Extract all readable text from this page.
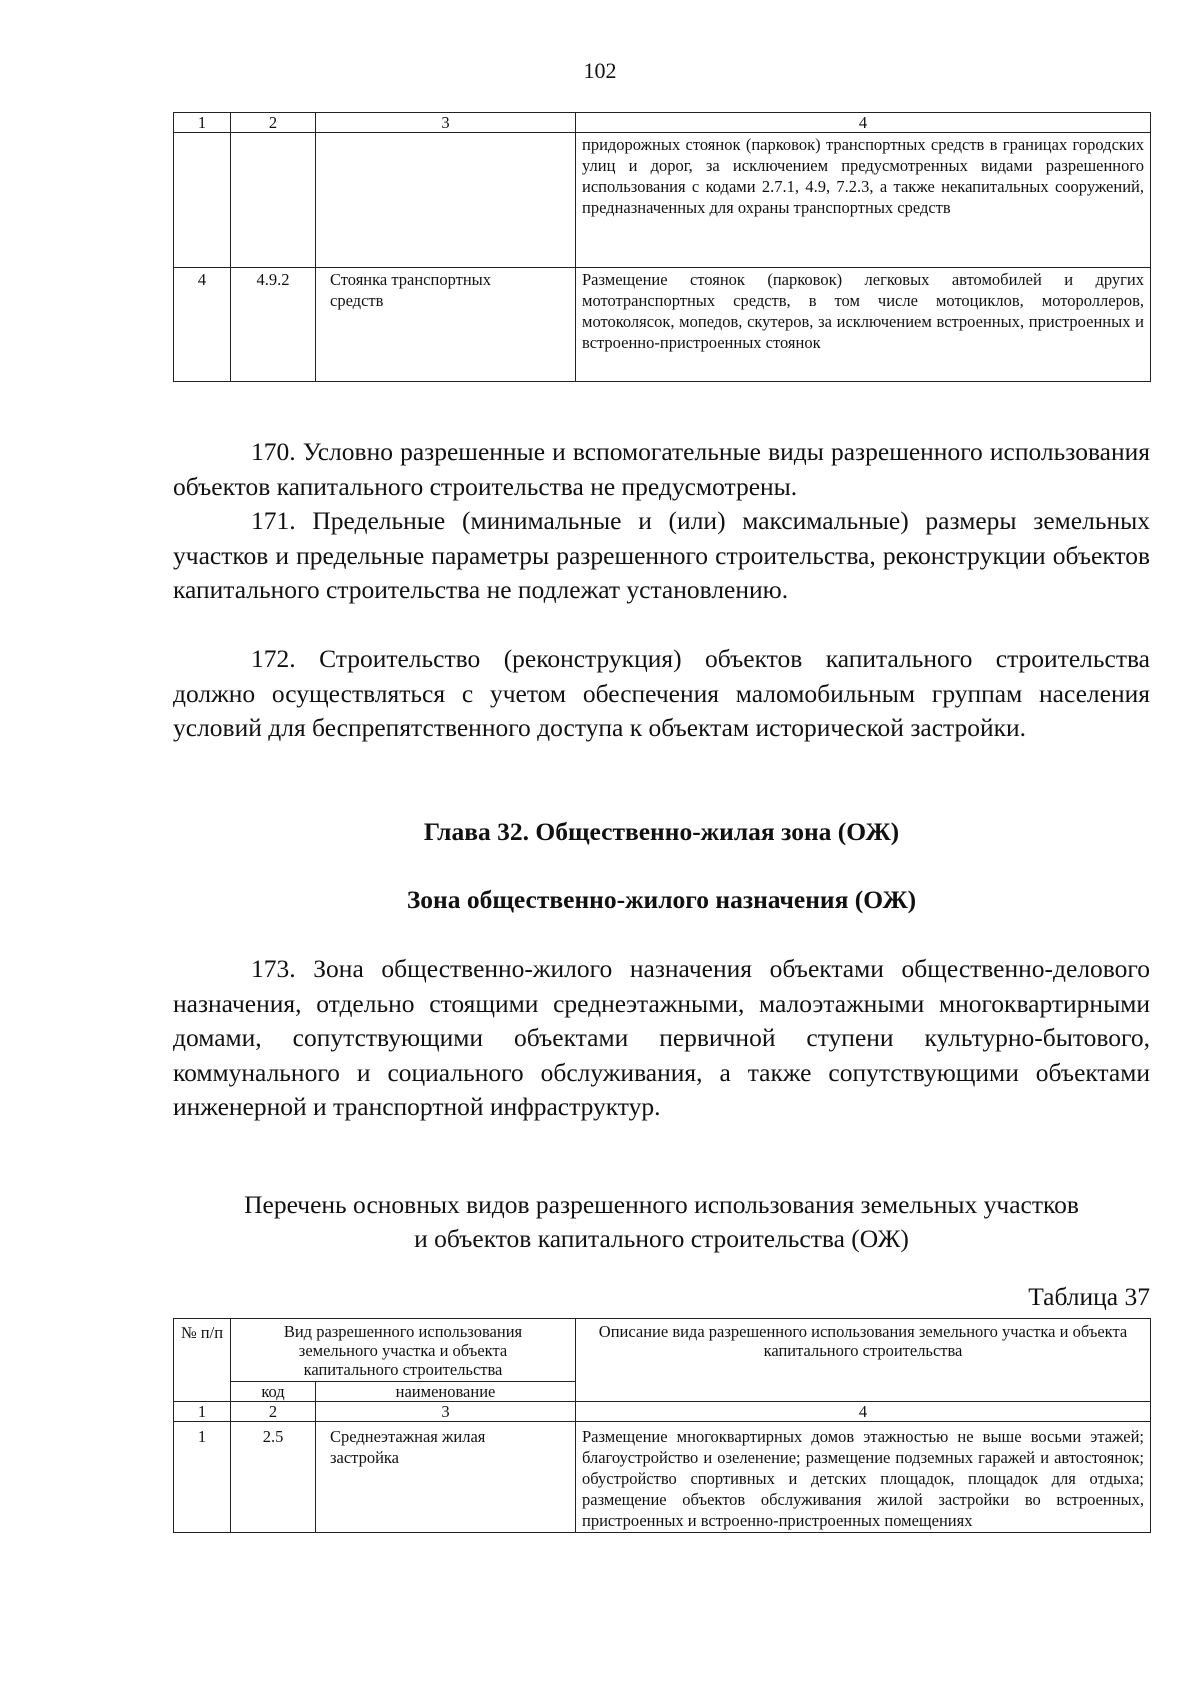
102
1	2	3	4
			придорожных стоянок (парковок) транспортных средств в границах городских улиц и дорог, за исключением предусмотренных видами разрешенного использования с кодами 2.7.1, 4.9, 7.2.3, а также некапитальных сооружений, предназначенных для охраны транспортных средств
4	4.9.2	Стоянка транспортных средств	Размещение стоянок (парковок) легковых автомобилей и других мототранспортных средств, в том числе мотоциклов, мотороллеров, мотоколясок, мопедов, скутеров, за исключением встроенных, пристроенных и встроенно-пристроенных стоянок

170. Условно разрешенные и вспомогательные виды разрешенного использования объектов капитального строительства не предусмотрены.

171. Предельные (минимальные и (или) максимальные) размеры земельных участков и предельные параметры разрешенного строительства, реконструкции объектов капитального строительства не подлежат установлению.

172. Строительство (реконструкция) объектов капитального строительства должно осуществляться с учетом обеспечения маломобильным группам населения условий для беспрепятственного доступа к объектам исторической застройки.

Глава 32. Общественно-жилая зона (ОЖ)
Зона общественно-жилого назначения (ОЖ)

173. Зона общественно-жилого назначения объектами общественно-делового назначения, отдельно стоящими среднеэтажными, малоэтажными многоквартирными домами, сопутствующими объектами первичной ступени культурно-бытового, коммунального и социального обслуживания, а также сопутствующими объектами инженерной и транспортной инфраструктур.

Перечень основных видов разрешенного использования земельных участков
и объектов капитального строительства (ОЖ)
Таблица 37
№ п/п	Вид разрешенного использования земельного участка и объекта капитального строительства		Описание вида разрешенного использования земельного участка и объекта капитального строительства
	код	наименование	
1	2	3	4
1	2.5	Среднеэтажная жилая застройка	Размещение многоквартирных домов этажностью не выше восьми этажей; благоустройство и озеленение; размещение подземных гаражей и автостоянок; обустройство спортивных и детских площадок, площадок для отдыха; размещение объектов обслуживания жилой застройки во встроенных, пристроенных и встроенно-пристроенных помещениях
